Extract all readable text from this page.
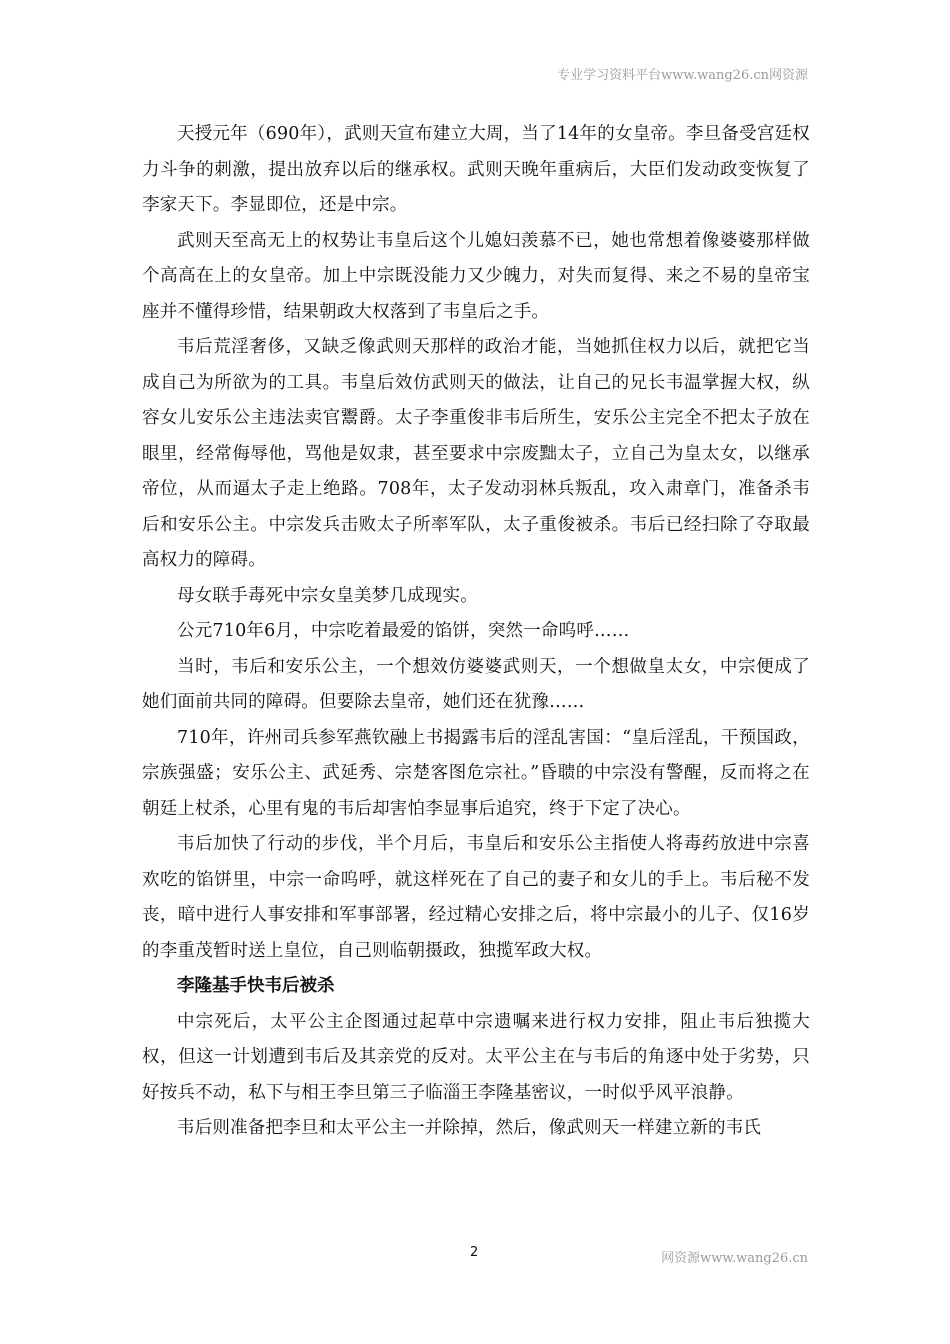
专业学习资料平台www.wang26.cn网资源

天授元年（690年），武则天宣布建立大周，当了14年的女皇帝。李旦备受宫廷权力斗争的刺激，提出放弃以后的继承权。武则天晚年重病后，大臣们发动政变恢复了李家天下。李显即位，还是中宗。

武则天至高无上的权势让韦皇后这个儿媳妇羡慕不已，她也常想着像婆婆那样做个高高在上的女皇帝。加上中宗既没能力又少魄力，对失而复得、来之不易的皇帝宝座并不懂得珍惜，结果朝政大权落到了韦皇后之手。

韦后荒淫奢侈，又缺乏像武则天那样的政治才能，当她抓住权力以后，就把它当成自己为所欲为的工具。韦皇后效仿武则天的做法，让自己的兄长韦温掌握大权，纵容女儿安乐公主违法卖官鬻爵。太子李重俊非韦后所生，安乐公主完全不把太子放在眼里，经常侮辱他，骂他是奴隶，甚至要求中宗废黜太子，立自己为皇太女，以继承帝位，从而逼太子走上绝路。708年，太子发动羽林兵叛乱，攻入肃章门，准备杀韦后和安乐公主。中宗发兵击败太子所率军队，太子重俊被杀。韦后已经扫除了夺取最高权力的障碍。

母女联手毒死中宗女皇美梦几成现实。

公元710年6月，中宗吃着最爱的馅饼，突然一命呜呼……

当时，韦后和安乐公主，一个想效仿婆婆武则天，一个想做皇太女，中宗便成了她们面前共同的障碍。但要除去皇帝，她们还在犹豫……

710年，许州司兵参军燕钦融上书揭露韦后的淫乱害国：“皇后淫乱，干预国政，宗族强盛；安乐公主、武延秀、宗楚客图危宗社。”昏聩的中宗没有警醒，反而将之在朝廷上杖杀，心里有鬼的韦后却害怕李显事后追究，终于下定了决心。

韦后加快了行动的步伐，半个月后，韦皇后和安乐公主指使人将毒药放进中宗喜欢吃的馅饼里，中宗一命呜呼，就这样死在了自己的妻子和女儿的手上。韦后秘不发丧，暗中进行人事安排和军事部署，经过精心安排之后，将中宗最小的儿子、仅16岁的李重茂暂时送上皇位，自己则临朝摄政，独揽军政大权。

李隆基手快韦后被杀

中宗死后，太平公主企图通过起草中宗遗嘱来进行权力安排，阻止韦后独揽大权，但这一计划遭到韦后及其亲党的反对。太平公主在与韦后的角逐中处于劣势，只好按兵不动，私下与相王李旦第三子临淄王李隆基密议，一时似乎风平浪静。

韦后则准备把李旦和太平公主一并除掉，然后，像武则天一样建立新的韦氏

2	网资源www.wang26.cn
